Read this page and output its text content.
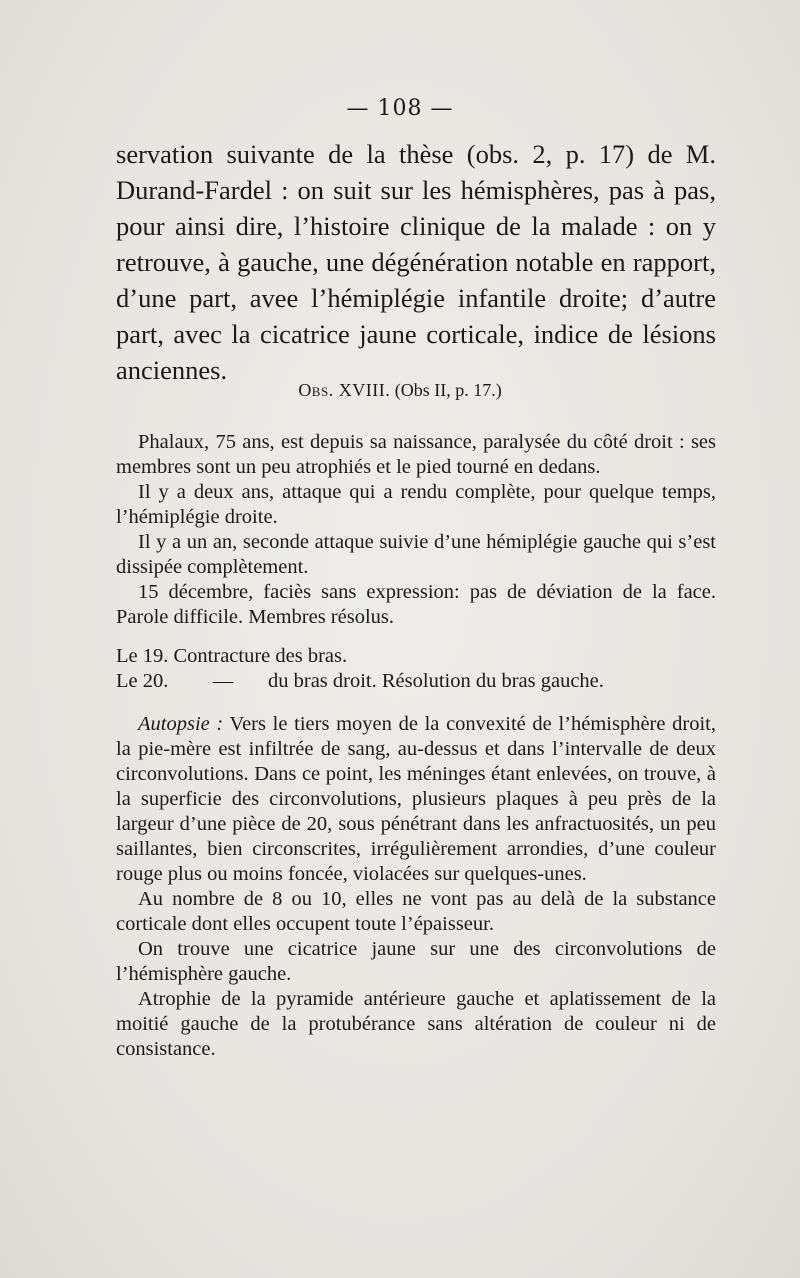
— 108 —

servation suivante de la thèse (obs. 2, p. 17) de M. Durand-Fardel : on suit sur les hémisphères, pas à pas, pour ainsi dire, l’histoire clinique de la malade : on y retrouve, à gauche, une dégénération notable en rapport, d’une part, avee l’hémiplégie infantile droite; d’autre part, avec la cicatrice jaune corticale, indice de lésions anciennes.

Obs. XVIII. (Obs II, p. 17.)

Phalaux, 75 ans, est depuis sa naissance, paralysée du côté droit : ses membres sont un peu atrophiés et le pied tourné en dedans.

Il y a deux ans, attaque qui a rendu complète, pour quelque temps, l’hémiplégie droite.

Il y a un an, seconde attaque suivie d’une hémiplégie gauche qui s’est dissipée complètement.

15 décembre, faciès sans expression: pas de déviation de la face. Parole difficile. Membres résolus.

Le 19. Contracture des bras.

Le 20.	—	du bras droit. Résolution du bras gauche.

Autopsie : Vers le tiers moyen de la convexité de l’hémisphère droit, la pie-mère est infiltrée de sang, au-dessus et dans l’intervalle de deux circonvolutions. Dans ce point, les méninges étant enlevées, on trouve, à la superficie des circonvolutions, plusieurs plaques à peu près de la largeur d’une pièce de 20, sous pénétrant dans les anfractuosités, un peu saillantes, bien circonscrites, irrégulièrement arrondies, d’une couleur rouge plus ou moins foncée, violacées sur quelques-unes.

Au nombre de 8 ou 10, elles ne vont pas au delà de la substance corticale dont elles occupent toute l’épaisseur.

On trouve une cicatrice jaune sur une des circonvolutions de l’hémisphère gauche.

Atrophie de la pyramide antérieure gauche et aplatissement de la moitié gauche de la protubérance sans altération de couleur ni de consistance.
